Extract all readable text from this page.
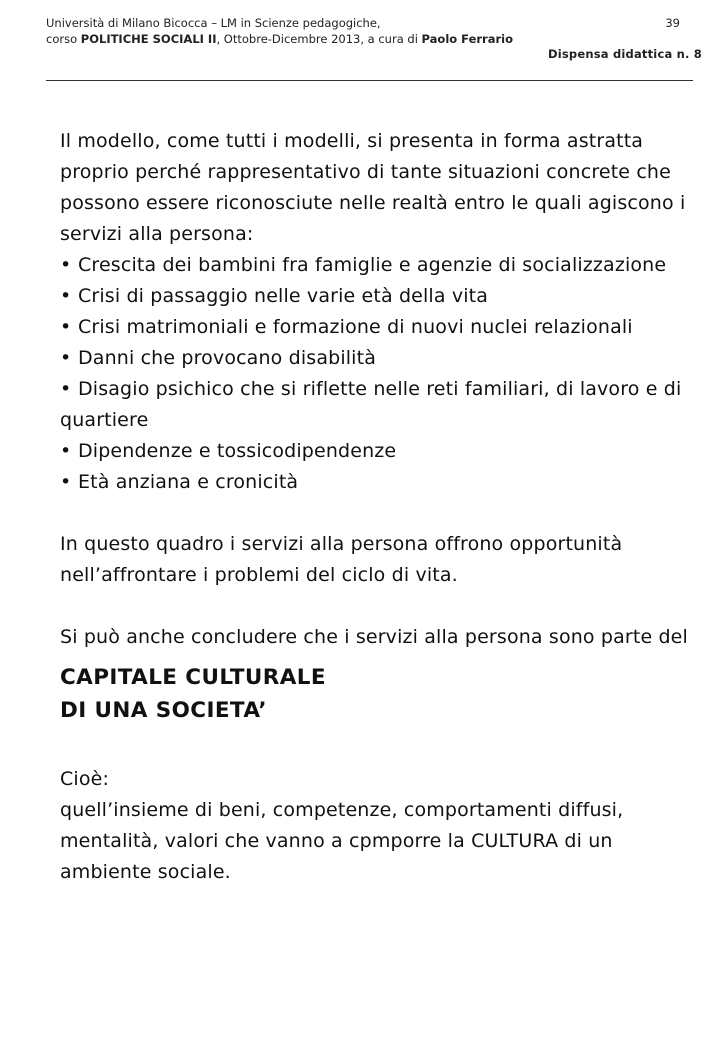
Università di Milano Bicocca – LM in Scienze pedagogiche,
corso POLITICHE SOCIALI II, Ottobre-Dicembre 2013, a cura di Paolo Ferrario
39
Dispensa didattica n. 8

Il modello, come tutti i modelli, si presenta in forma astratta proprio perché rappresentativo di tante situazioni concrete che possono essere riconosciute nelle realtà entro le quali agiscono i servizi alla persona:

• Crescita dei bambini fra famiglie e agenzie di socializzazione
• Crisi di passaggio nelle varie età della vita
• Crisi matrimoniali e formazione di nuovi nuclei relazionali
• Danni che provocano disabilità
• Disagio psichico che si riflette nelle reti familiari, di lavoro e di quartiere
• Dipendenze e tossicodipendenze
• Età anziana e cronicità

In questo quadro i servizi alla persona offrono opportunità nell’affrontare i problemi del ciclo di vita.

Si può anche concludere che i servizi alla persona sono parte del

CAPITALE CULTURALE
DI UNA SOCIETA’

Cioè:

quell’insieme di beni, competenze, comportamenti diffusi, mentalità, valori che vanno a cpmporre la CULTURA di un ambiente sociale.
